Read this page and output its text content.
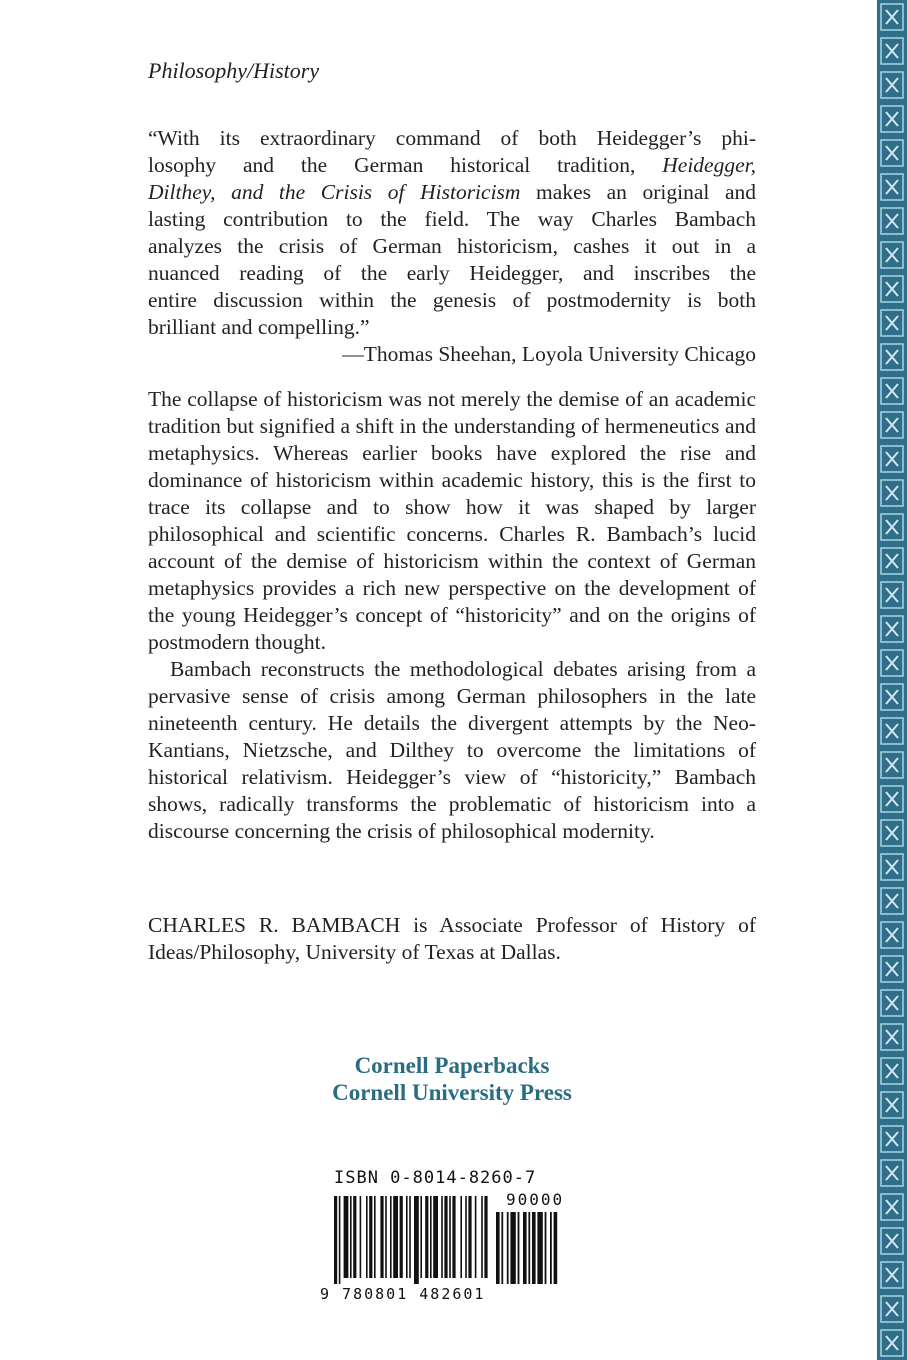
Philosophy/History
“With its extraordinary command of both Heidegger’s phi-
losophy and the German historical tradition, Heidegger,
Dilthey, and the Crisis of Historicism makes an original and
lasting contribution to the field. The way Charles Bambach
analyzes the crisis of German historicism, cashes it out in a
nuanced reading of the early Heidegger, and inscribes the
entire discussion within the genesis of postmodernity is both
brilliant and compelling.”
—Thomas Sheehan, Loyola University Chicago

The collapse of historicism was not merely the demise of an academic tradition but signified a shift in the understanding of hermeneutics and metaphysics. Whereas earlier books have explored the rise and dominance of historicism within academic history, this is the first to trace its collapse and to show how it was shaped by larger philosophical and scientific concerns. Charles R. Bambach’s lucid account of the demise of historicism within the context of German metaphysics provides a rich new perspective on the development of the young Heidegger’s concept of “historicity” and on the origins of postmodern thought.

Bambach reconstructs the methodological debates arising from a pervasive sense of crisis among German philosophers in the late nineteenth century. He details the divergent attempts by the Neo-Kantians, Nietzsche, and Dilthey to overcome the limitations of historical relativism. Heidegger’s view of “historicity,” Bambach shows, radically transforms the problematic of historicism into a discourse concerning the crisis of philosophical modernity.

CHARLES R. BAMBACH is Associate Professor of History of Ideas/Philosophy, University of Texas at Dallas.
Cornell Paperbacks
Cornell University Press
ISBN 0-8014-8260-7
90000
9 780801 482601
